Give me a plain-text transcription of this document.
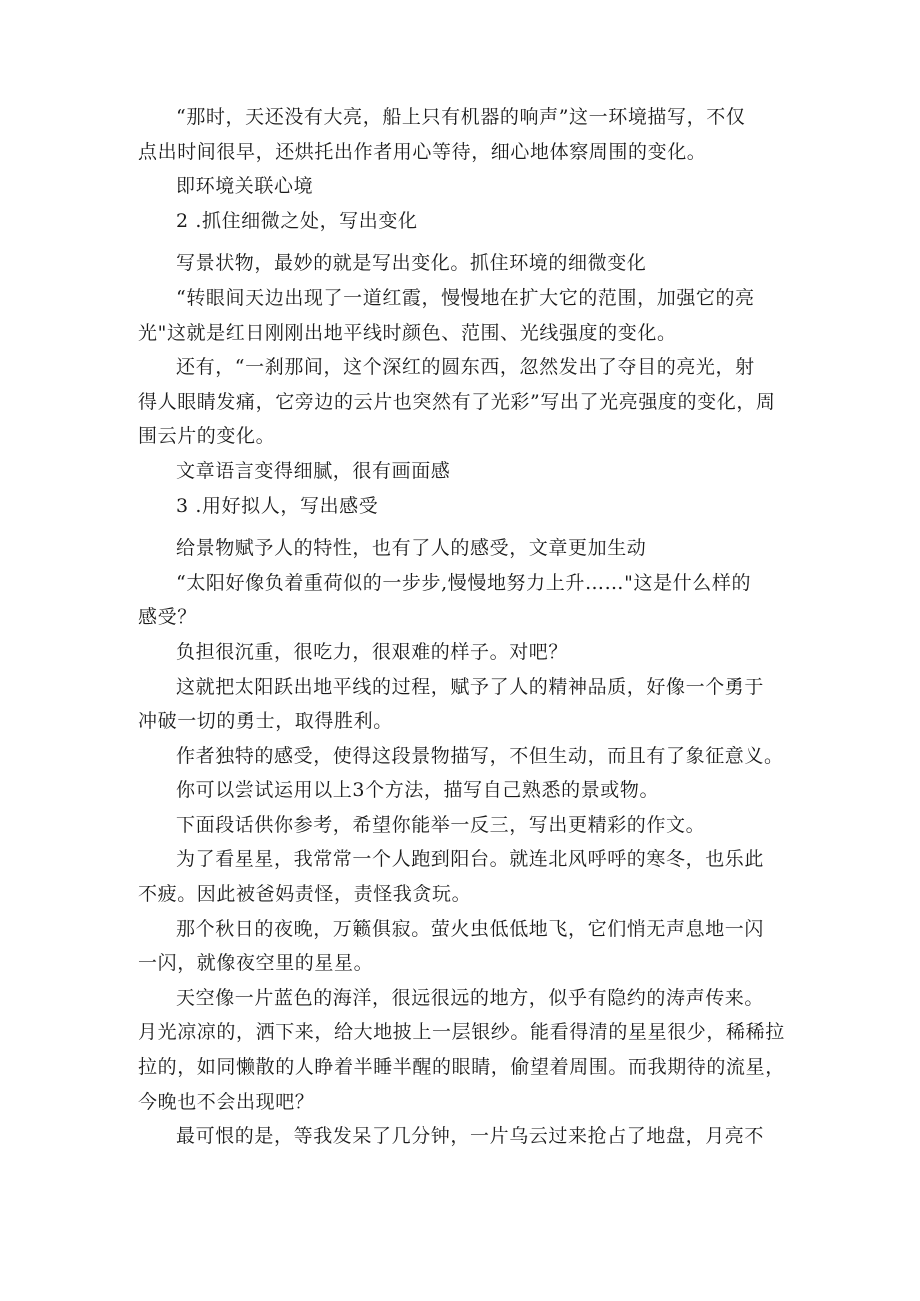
“那时，天还没有大亮，船上只有机器的响声”这一环境描写，不仅
点出时间很早，还烘托出作者用心等待，细心地体察周围的变化。
即环境关联心境
2 .抓住细微之处，写出变化
写景状物，最妙的就是写出变化。抓住环境的细微变化
“转眼间天边出现了一道红霞，慢慢地在扩大它的范围，加强它的亮
光"这就是红日刚刚出地平线时颜色、范围、光线强度的变化。
还有，“一刹那间，这个深红的圆东西，忽然发出了夺目的亮光，射
得人眼睛发痛，它旁边的云片也突然有了光彩”写出了光亮强度的变化，周
围云片的变化。
文章语言变得细腻，很有画面感
3 .用好拟人，写出感受
给景物赋予人的特性，也有了人的感受，文章更加生动
“太阳好像负着重荷似的一步步,慢慢地努力上升……"这是什么样的
感受？
负担很沉重，很吃力，很艰难的样子。对吧？
这就把太阳跃出地平线的过程，赋予了人的精神品质，好像一个勇于
冲破一切的勇士，取得胜利。
作者独特的感受，使得这段景物描写，不但生动，而且有了象征意义。
你可以尝试运用以上3个方法，描写自己熟悉的景或物。
下面段话供你参考，希望你能举一反三，写出更精彩的作文。
为了看星星，我常常一个人跑到阳台。就连北风呼呼的寒冬，也乐此
不疲。因此被爸妈责怪，责怪我贪玩。
那个秋日的夜晚，万籁俱寂。萤火虫低低地飞，它们悄无声息地一闪
一闪，就像夜空里的星星。
天空像一片蓝色的海洋，很远很远的地方，似乎有隐约的涛声传来。
月光凉凉的，洒下来，给大地披上一层银纱。能看得清的星星很少，稀稀拉
拉的，如同懒散的人睁着半睡半醒的眼睛，偷望着周围。而我期待的流星，
今晚也不会出现吧？
最可恨的是，等我发呆了几分钟，一片乌云过来抢占了地盘，月亮不
